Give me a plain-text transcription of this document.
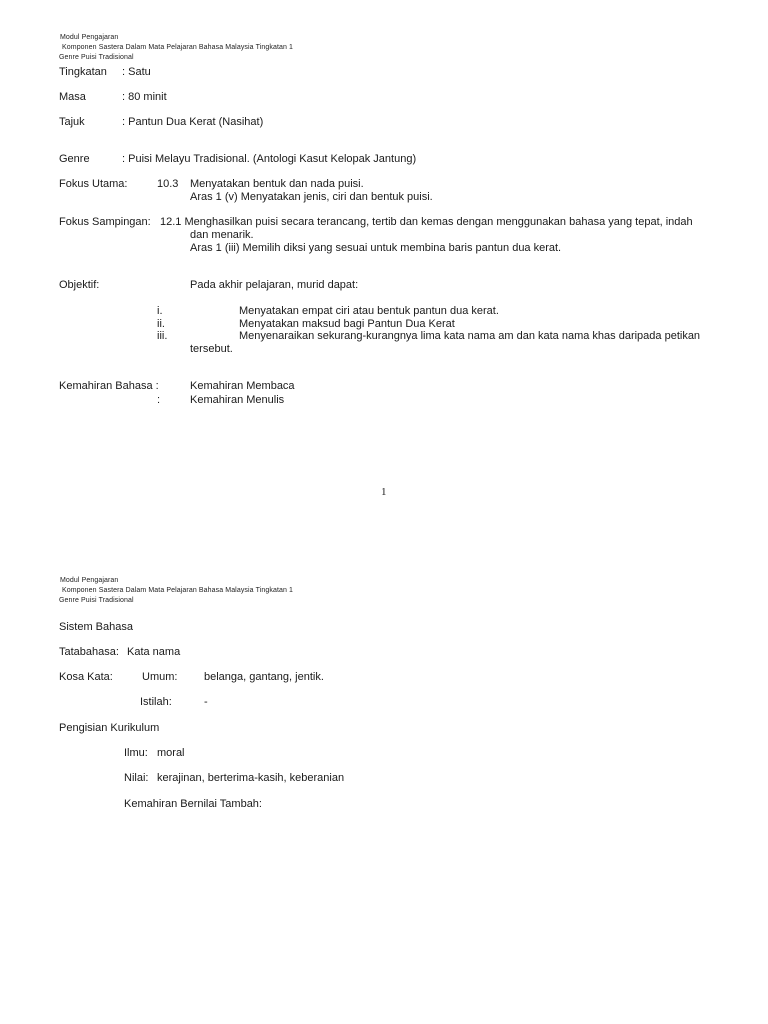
Modul Pengajaran
Komponen Sastera Dalam Mata Pelajaran Bahasa Malaysia Tingkatan 1
Genre Puisi Tradisional
Tingkatan : Satu
Masa	: 80 minit
Tajuk	: Pantun Dua Kerat (Nasihat)
Genre	: Puisi Melayu Tradisional. (Antologi Kasut Kelopak Jantung)
Fokus Utama:	10.3 Menyatakan bentuk dan nada puisi.
Aras 1 (v) Menyatakan jenis, ciri dan bentuk puisi.
Fokus Sampingan: 12.1 Menghasilkan puisi secara terancang, tertib dan kemas dengan menggunakan bahasa yang tepat, indah
dan menarik.
Aras 1 (iii) Memilih diksi yang sesuai untuk membina baris pantun dua kerat.
Objektif:	Pada akhir pelajaran, murid dapat:
i.	Menyatakan empat ciri atau bentuk pantun dua kerat.
ii.	Menyatakan maksud bagi Pantun Dua Kerat
iii.	Menyenaraikan sekurang-kurangnya lima kata nama am dan kata nama khas daripada petikan
tersebut.
Kemahiran Bahasa :	Kemahiran Membaca
:	Kemahiran Menulis
1
Modul Pengajaran
Komponen Sastera Dalam Mata Pelajaran Bahasa Malaysia Tingkatan 1
Genre Puisi Tradisional
Sistem Bahasa
Tatabahasa: Kata nama
Kosa Kata:	Umum: belanga, gantang, jentik.
Istilah:	-
Pengisian Kurikulum
Ilmu: moral
Nilai: kerajinan, berterima-kasih, keberanian
Kemahiran Bernilai Tambah:
